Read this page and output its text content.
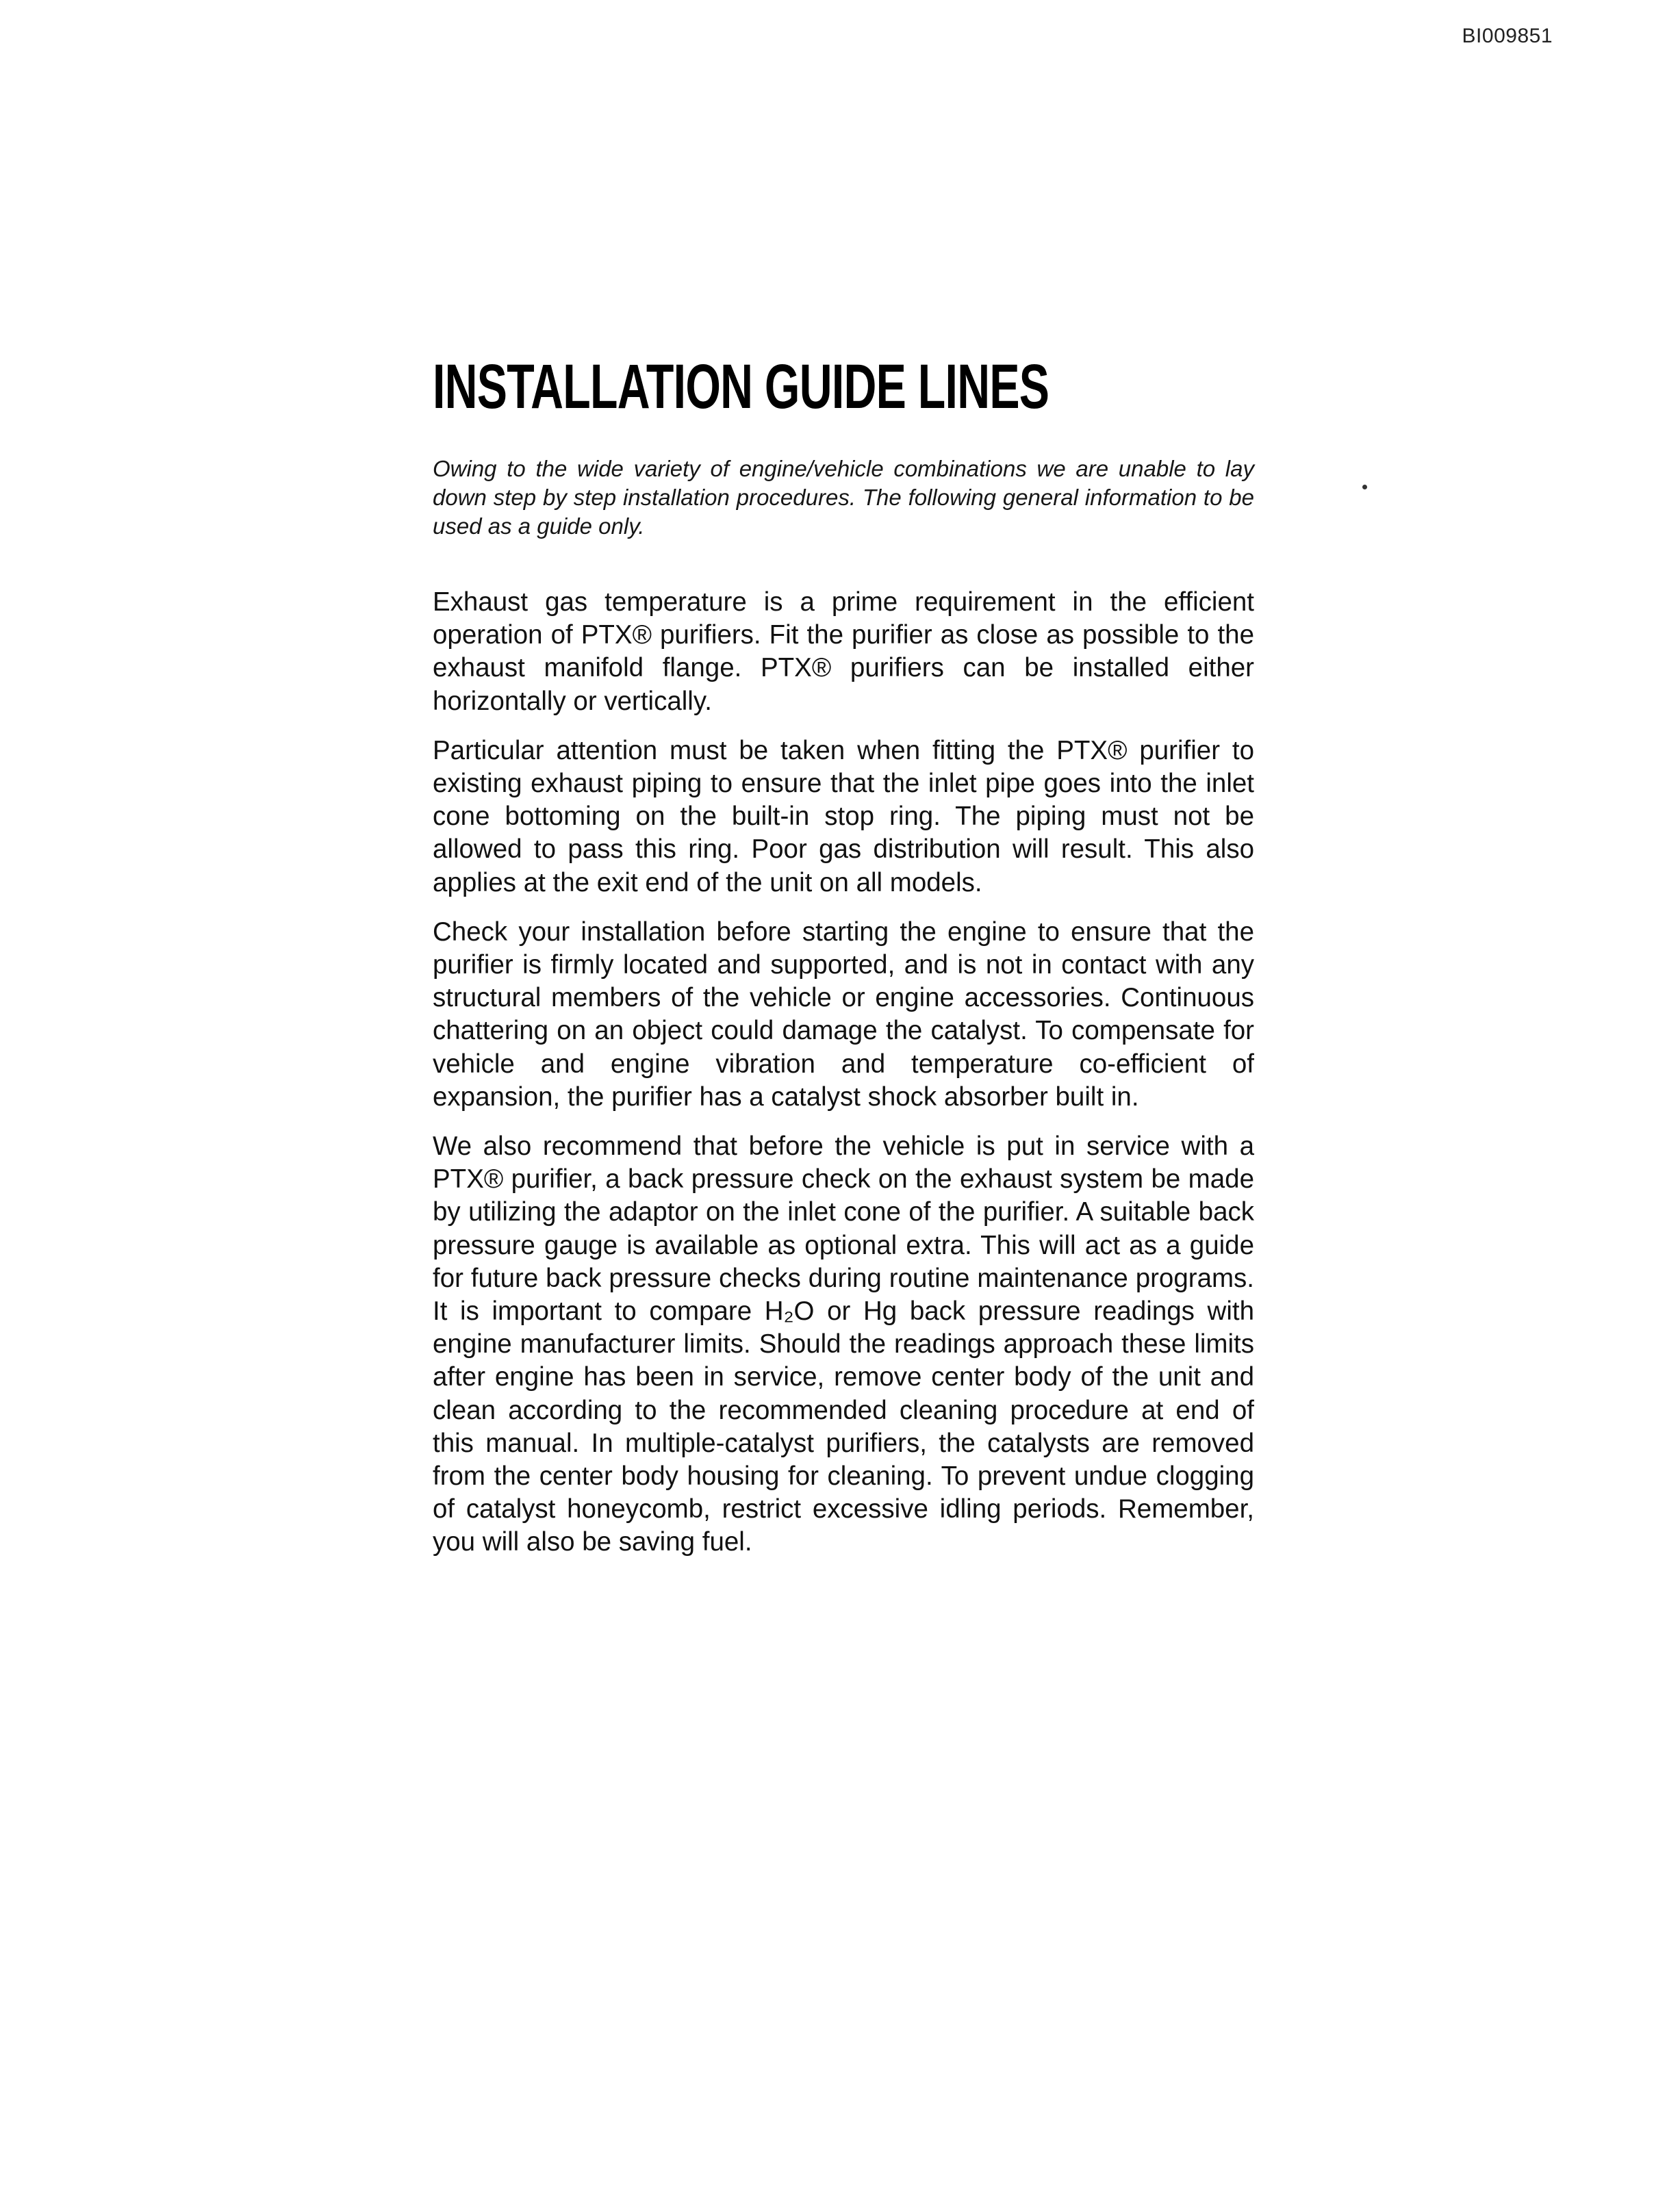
BI009851
INSTALLATION GUIDE LINES

Owing to the wide variety of engine/vehicle combinations we are unable to lay down step by step installation procedures. The following general information to be used as a guide only.

Exhaust gas temperature is a prime requirement in the efficient operation of PTX® purifiers. Fit the purifier as close as possible to the exhaust manifold flange. PTX® purifiers can be installed either horizontally or vertically.

Particular attention must be taken when fitting the PTX® purifier to existing exhaust piping to ensure that the inlet pipe goes into the inlet cone bottoming on the built-in stop ring. The piping must not be allowed to pass this ring. Poor gas distribution will result. This also applies at the exit end of the unit on all models.

Check your installation before starting the engine to ensure that the purifier is firmly located and supported, and is not in contact with any structural members of the vehicle or engine accessories. Continuous chattering on an object could damage the catalyst. To compensate for vehicle and engine vibration and temperature co-efficient of expansion, the purifier has a catalyst shock absorber built in.

We also recommend that before the vehicle is put in service with a PTX® purifier, a back pressure check on the exhaust system be made by utilizing the adaptor on the inlet cone of the purifier. A suitable back pressure gauge is available as optional extra. This will act as a guide for future back pressure checks during routine maintenance programs. It is important to compare H₂O or Hg back pressure readings with engine manufacturer limits. Should the readings approach these limits after engine has been in service, remove center body of the unit and clean according to the recommended cleaning procedure at end of this manual. In multiple-catalyst purifiers, the catalysts are removed from the center body housing for cleaning. To prevent undue clogging of catalyst honeycomb, restrict excessive idling periods. Remember, you will also be saving fuel.
